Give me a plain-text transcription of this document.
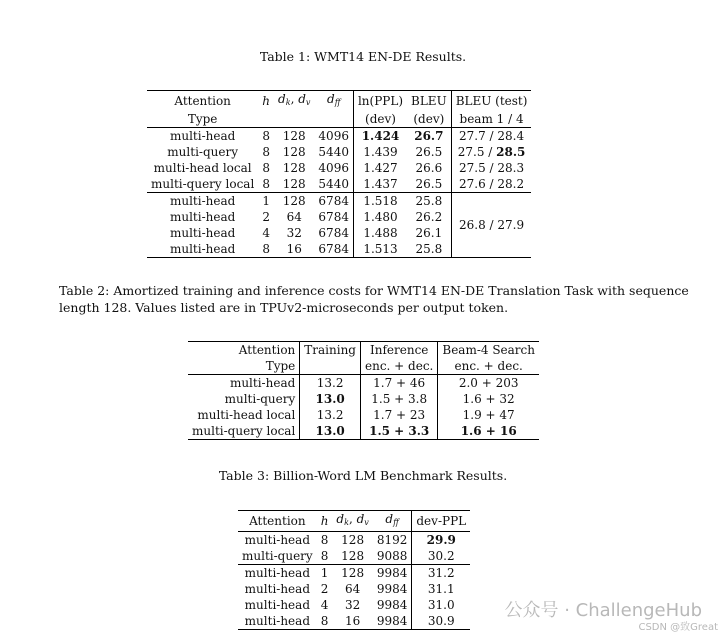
Table 1: WMT14 EN-DE Results.
Attention	h	$d_k$, $d_v$	$d_{ff}$	ln(PPL)	BLEU	BLEU (test)
Type				(dev)	(dev)	beam 1 / 4
multi-head	8	128	4096	1.424	26.7	27.7 / 28.4
multi-query	8	128	5440	1.439	26.5	27.5 / 28.5
multi-head local	8	128	4096	1.427	26.6	27.5 / 28.3
multi-query local	8	128	5440	1.437	26.5	27.6 / 28.2
multi-head	1	128	6784	1.518	25.8	26.8 / 27.9
multi-head	2	64	6784	1.480	26.2	
multi-head	4	32	6784	1.488	26.1	
multi-head	8	16	6784	1.513	25.8	
Table 2: Amortized training and inference costs for WMT14 EN-DE Translation Task with sequence length 128. Values listed are in TPUv2-microseconds per output token.
Attention	Training	Inference	Beam-4 Search
Type		enc. + dec.	enc. + dec.
multi-head	13.2	1.7 + 46	2.0 + 203
multi-query	13.0	1.5 + 3.8	1.6 + 32
multi-head local	13.2	1.7 + 23	1.9 + 47
multi-query local	13.0	1.5 + 3.3	1.6 + 16
Table 3: Billion-Word LM Benchmark Results.
Attention	h	$d_k$, $d_v$	$d_{ff}$	dev-PPL
multi-head	8	128	8192	29.9
multi-query	8	128	9088	30.2
multi-head	1	128	9984	31.2
multi-head	2	64	9984	31.1
multi-head	4	32	9984	31.0
multi-head	8	16	9984	30.9	公众号 · ChallengeHub
CSDN @致Great
